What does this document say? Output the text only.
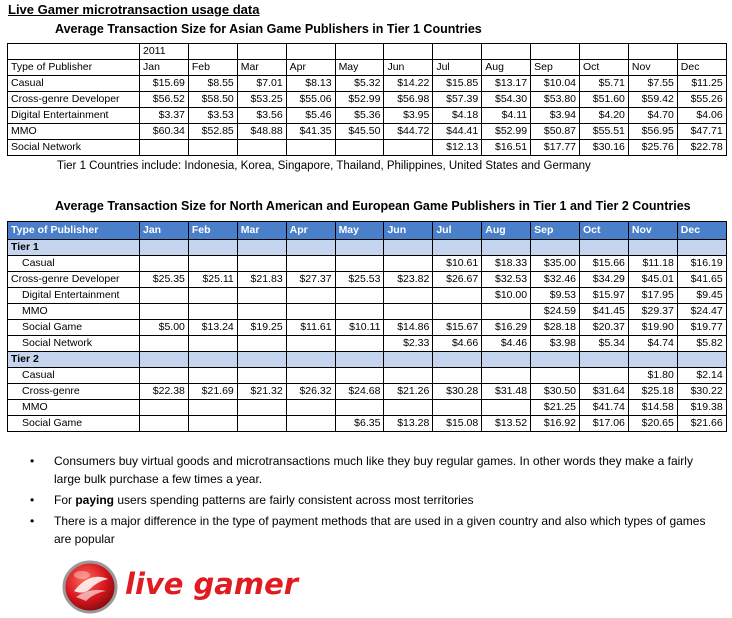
Live Gamer microtransaction usage data
Average Transaction Size for Asian Game Publishers in Tier 1 Countries
	2011											
Type of Publisher	Jan	Feb	Mar	Apr	May	Jun	Jul	Aug	Sep	Oct	Nov	Dec
Casual	$15.69	$8.55	$7.01	$8.13	$5.32	$14.22	$15.85	$13.17	$10.04	$5.71	$7.55	$11.25
Cross-genre Developer	$56.52	$58.50	$53.25	$55.06	$52.99	$56.98	$57.39	$54.30	$53.80	$51.60	$59.42	$55.26
Digital Entertainment	$3.37	$3.53	$3.56	$5.46	$5.36	$3.95	$4.18	$4.11	$3.94	$4.20	$4.70	$4.06
MMO	$60.34	$52.85	$48.88	$41.35	$45.50	$44.72	$44.41	$52.99	$50.87	$55.51	$56.95	$47.71
Social Network							$12.13	$16.51	$17.77	$30.16	$25.76	$22.78
Tier 1 Countries include: Indonesia, Korea, Singapore, Thailand, Philippines, United States and Germany
Average Transaction Size for North American and European Game Publishers in Tier 1 and Tier 2 Countries
Type of Publisher	Jan	Feb	Mar	Apr	May	Jun	Jul	Aug	Sep	Oct	Nov	Dec
Tier 1												
Casual							$10.61	$18.33	$35.00	$15.66	$11.18	$16.19
Cross-genre Developer	$25.35	$25.11	$21.83	$27.37	$25.53	$23.82	$26.67	$32.53	$32.46	$34.29	$45.01	$41.65
Digital Entertainment								$10.00	$9.53	$15.97	$17.95	$9.45
MMO									$24.59	$41.45	$29.37	$24.47
Social Game	$5.00	$13.24	$19.25	$11.61	$10.11	$14.86	$15.67	$16.29	$28.18	$20.37	$19.90	$19.77
Social Network						$2.33	$4.66	$4.46	$3.98	$5.34	$4.74	$5.82
Tier 2												
Casual											$1.80	$2.14
Cross-genre	$22.38	$21.69	$21.32	$26.32	$24.68	$21.26	$30.28	$31.48	$30.50	$31.64	$25.18	$30.22
MMO									$21.25	$41.74	$14.58	$19.38
Social Game					$6.35	$13.28	$15.08	$13.52	$16.92	$17.06	$20.65	$21.66
• Consumers buy virtual goods and microtransactions much like they buy regular games. In other words they make a fairly large bulk purchase a few times a year.
• For paying users spending patterns are fairly consistent across most territories
• There is a major difference in the type of payment methods that are used in a given country and also which types of games are popular
live gamer
